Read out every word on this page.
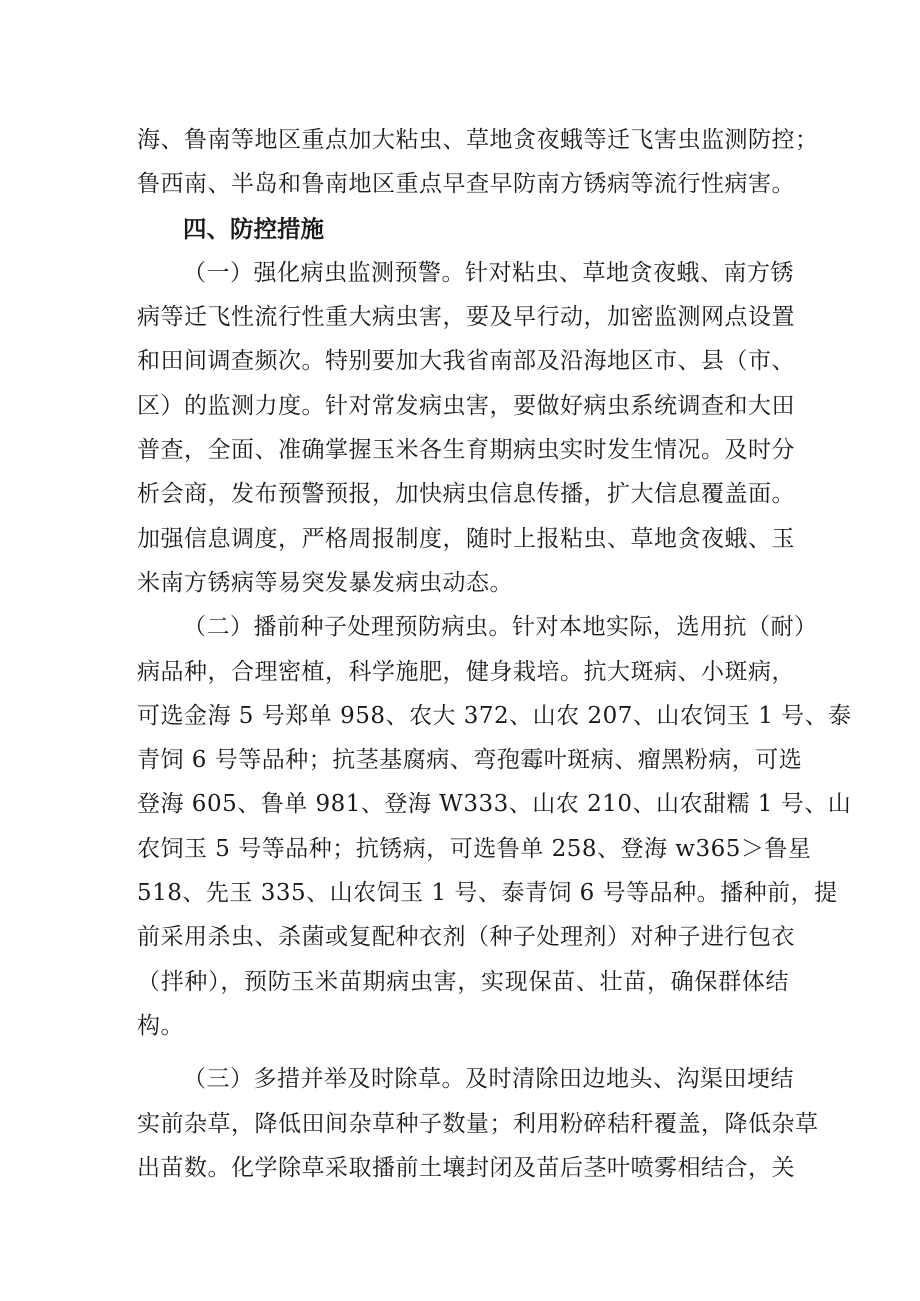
海、鲁南等地区重点加大粘虫、草地贪夜蛾等迁飞害虫监测防控；
鲁西南、半岛和鲁南地区重点早查早防南方锈病等流行性病害。
四、防控措施
（一）强化病虫监测预警。针对粘虫、草地贪夜蛾、南方锈
病等迁飞性流行性重大病虫害，要及早行动，加密监测网点设置
和田间调查频次。特别要加大我省南部及沿海地区市、县（市、
区）的监测力度。针对常发病虫害，要做好病虫系统调查和大田
普查，全面、准确掌握玉米各生育期病虫实时发生情况。及时分
析会商，发布预警预报，加快病虫信息传播，扩大信息覆盖面。
加强信息调度，严格周报制度，随时上报粘虫、草地贪夜蛾、玉
米南方锈病等易突发暴发病虫动态。
（二）播前种子处理预防病虫。针对本地实际，选用抗（耐）
病品种，合理密植，科学施肥，健身栽培。抗大斑病、小斑病，
可选金海 5 号郑单 958、农大 372、山农 207、山农饲玉 1 号、泰
青饲 6 号等品种；抗茎基腐病、弯孢霉叶斑病、瘤黑粉病，可选
登海 605、鲁单 981、登海 W333、山农 210、山农甜糯 1 号、山
农饲玉 5 号等品种；抗锈病，可选鲁单 258、登海 w365＞鲁星
518、先玉 335、山农饲玉 1 号、泰青饲 6 号等品种。播种前，提
前采用杀虫、杀菌或复配种衣剂（种子处理剂）对种子进行包衣
（拌种），预防玉米苗期病虫害，实现保苗、壮苗，确保群体结
构。
（三）多措并举及时除草。及时清除田边地头、沟渠田埂结
实前杂草，降低田间杂草种子数量；利用粉碎秸秆覆盖，降低杂草
出苗数。化学除草采取播前土壤封闭及苗后茎叶喷雾相结合，关
